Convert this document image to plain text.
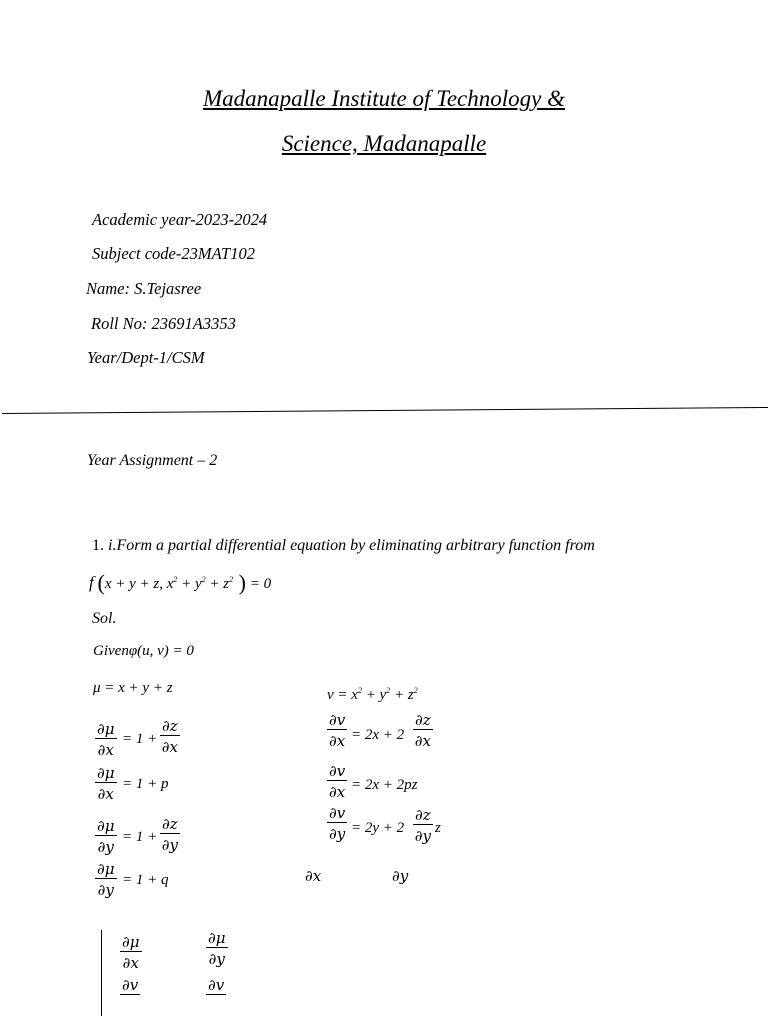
Madanapalle Institute of Technology &
Science, Madanapalle
Academic year-2023-2024
Subject code-23MAT102
Name: S.Tejasree
Roll No: 23691A3353
Year/Dept-1/CSM
Year Assignment – 2
1. i.Form a partial differential equation by eliminating arbitrary function from
f (x + y + z, $x^2 + y^2 + z^2$ ) = 0
Sol.
Givenφ(u, v) = 0
μ = x + y + z	$v = x^2 + y^2 + z^2$
$\frac{\partial\mu}{\partial x} = 1 + \frac{\partial z}{\partial x}$
$\frac{\partial\mu}{\partial x} = 1 + p$
$\frac{\partial\mu}{\partial y} = 1 + \frac{\partial z}{\partial y}$
$\frac{\partial\mu}{\partial y} = 1 + q$
$\frac{\partial v}{\partial x} = 2x + 2 \frac{\partial z}{\partial x}$
$\frac{\partial v}{\partial x} = 2x + 2pz$
$\frac{\partial v}{\partial y} = 2y + 2 \frac{\partial z}{\partial y}$ z
∂x	∂y
$\frac{\partial\mu}{\partial x}$	$\frac{\partial\mu}{\partial y}$
∂v	∂v
